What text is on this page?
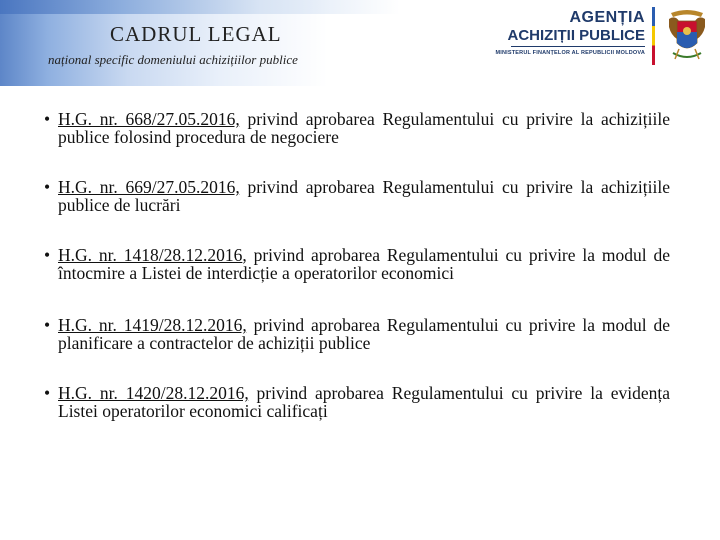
CADRUL LEGAL
național specific domeniului achizițiilor publice
AGENȚIA
ACHIZIȚII PUBLICE
MINISTERUL FINANȚELOR AL REPUBLICII MOLDOVA
• H.G. nr. 668/27.05.2016, privind aprobarea Regulamentului cu privire la achizițiile publice folosind procedura de negociere
• H.G. nr. 669/27.05.2016, privind aprobarea Regulamentului cu privire la achizițiile publice de lucrări
• H.G. nr. 1418/28.12.2016, privind aprobarea Regulamentului cu privire la modul de întocmire a Listei de interdicție a operatorilor economici
• H.G. nr. 1419/28.12.2016, privind aprobarea Regulamentului cu privire la modul de planificare a contractelor de achiziții publice
• H.G. nr. 1420/28.12.2016, privind aprobarea Regulamentului cu privire la evidența Listei operatorilor economici calificați
